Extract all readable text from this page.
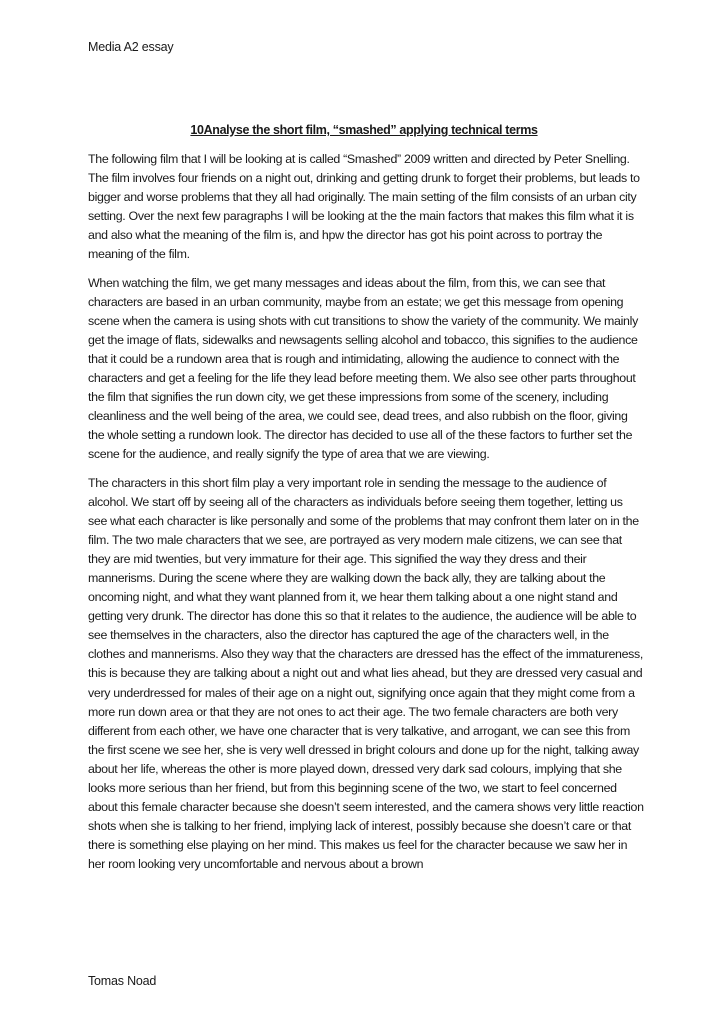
Media A2 essay
10Analyse the short film, “smashed” applying technical terms

The following film that I will be looking at is called “Smashed” 2009 written and directed by Peter Snelling. The film involves four friends on a night out, drinking and getting drunk to forget their problems, but leads to bigger and worse problems that they all had originally. The main setting of the film consists of an urban city setting. Over the next few paragraphs I will be looking at the the main factors that makes this film what it is and also what the meaning of the film is, and hpw the director has got his point across to portray the meaning of the film.

When watching the film, we get many messages and ideas about the film, from this, we can see that characters are based in an urban community, maybe from an estate; we get this message from opening scene when the camera is using shots with cut transitions to show the variety of the community. We mainly get the image of flats, sidewalks and newsagents selling alcohol and tobacco, this signifies to the audience that it could be a rundown area that is rough and intimidating, allowing the audience to connect with the characters and get a feeling for the life they lead before meeting them. We also see other parts throughout the film that signifies the run down city, we get these impressions from some of the scenery, including cleanliness and the well being of the area, we could see, dead trees, and also rubbish on the floor, giving the whole setting a rundown look. The director has decided to use all of the these factors to further set the scene for the audience, and really signify the type of area that we are viewing.

The characters in this short film play a very important role in sending the message to the audience of alcohol. We start off by seeing all of the characters as individuals before seeing them together, letting us see what each character is like personally and some of the problems that may confront them later on in the film. The two male characters that we see, are portrayed as very modern male citizens, we can see that they are mid twenties, but very immature for their age. This signified the way they dress and their mannerisms. During the scene where they are walking down the back ally, they are talking about the oncoming night, and what they want planned from it, we hear them talking about a one night stand and getting very drunk. The director has done this so that it relates to the audience, the audience will be able to see themselves in the characters, also the director has captured the age of the characters well, in the clothes and mannerisms. Also they way that the characters are dressed has the effect of the immatureness, this is because they are talking about a night out and what lies ahead, but they are dressed very casual and very underdressed for males of their age on a night out, signifying once again that they might come from a more run down area or that they are not ones to act their age. The two female characters are both very different from each other, we have one character that is very talkative, and arrogant, we can see this from the first scene we see her, she is very well dressed in bright colours and done up for the night, talking away about her life, whereas the other is more played down, dressed very dark sad colours, implying that she looks more serious than her friend, but from this beginning scene of the two, we start to feel concerned about this female character because she doesn’t seem interested, and the camera shows very little reaction shots when she is talking to her friend, implying lack of interest, possibly because she doesn’t care or that there is something else playing on her mind. This makes us feel for the character because we saw her in her room looking very uncomfortable and nervous about a brown

Tomas Noad
